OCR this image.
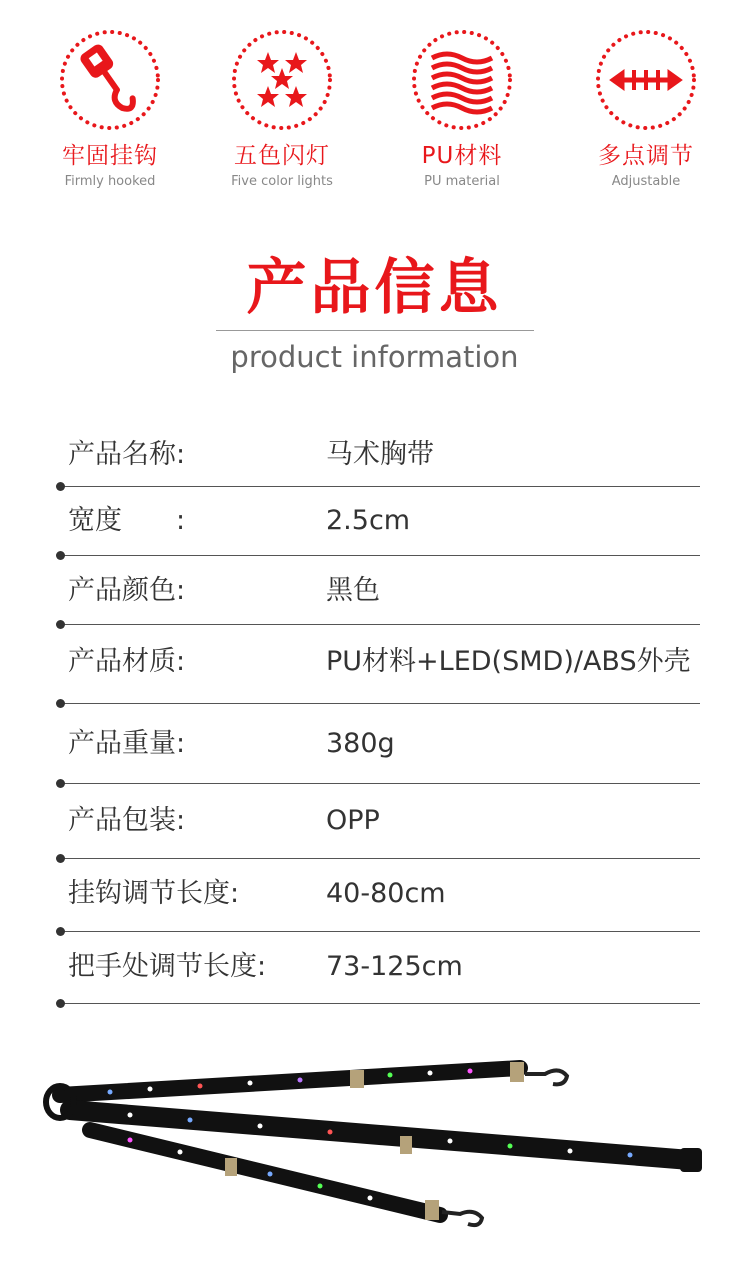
牢固挂钩
Firmly hooked
五色闪灯
Five color lights
PU材料
PU material
多点调节
Adjustable
产品信息
product information
产品名称:	马术胸带
宽度　　:	2.5cm
产品颜色:	黑色
产品材质:	PU材料+LED(SMD)/ABS外壳
产品重量:	380g
产品包装:	OPP
挂钩调节长度:	40-80cm
把手处调节长度: 73-125cm
